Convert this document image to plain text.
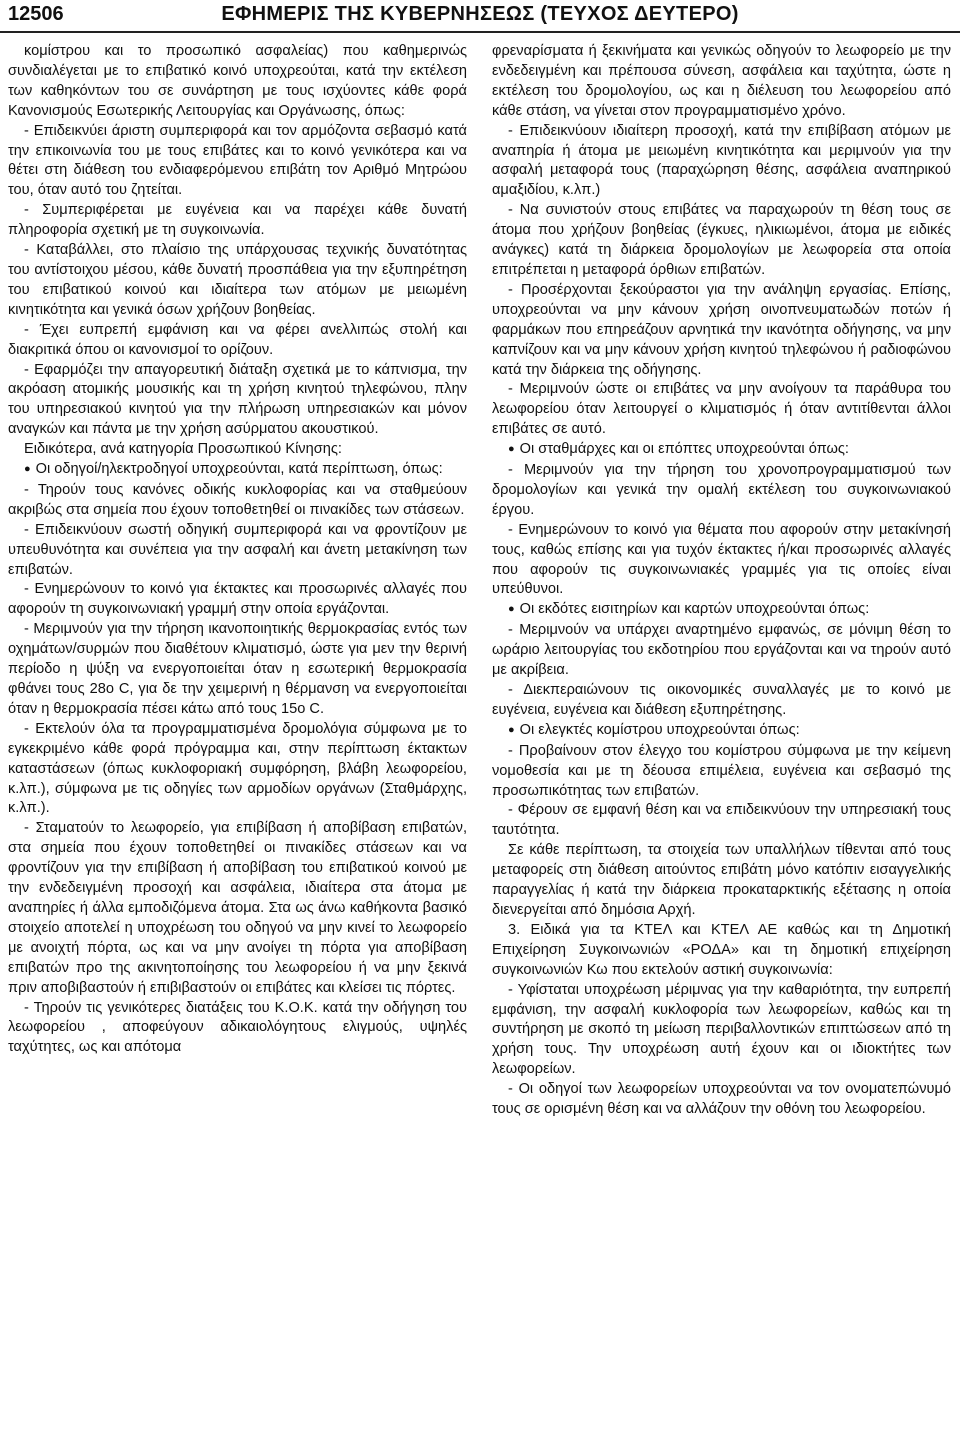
12506	ΕΦΗΜΕΡΙΣ ΤΗΣ ΚΥΒΕΡΝΗΣΕΩΣ (ΤΕΥΧΟΣ ΔΕΥΤΕΡΟ)

κομίστρου και το προσωπικό ασφαλείας) που καθημερινώς συνδιαλέγεται με το επιβατικό κοινό υποχρεούται, κατά την εκτέλεση των καθηκόντων του σε συνάρτηση με τους ισχύοντες κάθε φορά Κανονισμούς Εσωτερικής Λειτουργίας και Οργάνωσης, όπως:

- Επιδεικνύει άριστη συμπεριφορά και τον αρμόζοντα σεβασμό κατά την επικοινωνία του με τους επιβάτες και το κοινό γενικότερα και να θέτει στη διάθεση του ενδιαφερόμενου επιβάτη τον Αριθμό Μητρώου του, όταν αυτό του ζητείται.

- Συμπεριφέρεται με ευγένεια και να παρέχει κάθε δυνατή πληροφορία σχετική με τη συγκοινωνία.

- Καταβάλλει, στο πλαίσιο της υπάρχουσας τεχνικής δυνατότητας του αντίστοιχου μέσου, κάθε δυνατή προσπάθεια για την εξυπηρέτηση του επιβατικού κοινού και ιδιαίτερα των ατόμων με μειωμένη κινητικότητα και γενικά όσων χρήζουν βοηθείας.

- Έχει ευπρεπή εμφάνιση και να φέρει ανελλιπώς στολή και διακριτικά όπου οι κανονισμοί το ορίζουν.

- Εφαρμόζει την απαγορευτική διάταξη σχετικά με το κάπνισμα, την ακρόαση ατομικής μουσικής και τη χρήση κινητού τηλεφώνου, πλην του υπηρεσιακού κινητού για την πλήρωση υπηρεσιακών και μόνον αναγκών και πάντα με την χρήση ασύρματου ακουστικού.

Ειδικότερα, ανά κατηγορία Προσωπικού Κίνησης:

● Οι οδηγοί/ηλεκτροδηγοί υποχρεούνται, κατά περίπτωση, όπως:

- Τηρούν τους κανόνες οδικής κυκλοφορίας και να σταθμεύουν ακριβώς στα σημεία που έχουν τοποθετηθεί οι πινακίδες των στάσεων.

- Επιδεικνύουν σωστή οδηγική συμπεριφορά και να φροντίζουν με υπευθυνότητα και συνέπεια για την ασφαλή και άνετη μετακίνηση των επιβατών.

- Ενημερώνουν το κοινό για έκτακτες και προσωρινές αλλαγές που αφορούν τη συγκοινωνιακή γραμμή στην οποία εργάζονται.

- Μεριμνούν για την τήρηση ικανοποιητικής θερμοκρασίας εντός των οχημάτων/συρμών που διαθέτουν κλιματισμό, ώστε για μεν την θερινή περίοδο η ψύξη να ενεργοποιείται όταν η εσωτερική θερμοκρασία φθάνει τους 28ο C, για δε την χειμερινή η θέρμανση να ενεργοποιείται όταν η θερμοκρασία πέσει κάτω από τους 15ο C.

- Εκτελούν όλα τα προγραμματισμένα δρομολόγια σύμφωνα με το εγκεκριμένο κάθε φορά πρόγραμμα και, στην περίπτωση έκτακτων καταστάσεων (όπως κυκλοφοριακή συμφόρηση, βλάβη λεωφορείου, κ.λπ.), σύμφωνα με τις οδηγίες των αρμοδίων οργάνων (Σταθμάρχης, κ.λπ.).

- Σταματούν το λεωφορείο, για επιβίβαση ή αποβίβαση επιβατών, στα σημεία που έχουν τοποθετηθεί οι πινακίδες στάσεων και να φροντίζουν για την επιβίβαση ή αποβίβαση του επιβατικού κοινού με την ενδεδειγμένη προσοχή και ασφάλεια, ιδιαίτερα στα άτομα με αναπηρίες ή άλλα εμποδιζόμενα άτομα. Στα ως άνω καθήκοντα βασικό στοιχείο αποτελεί η υποχρέωση του οδηγού να μην κινεί το λεωφορείο με ανοιχτή πόρτα, ως και να μην ανοίγει τη πόρτα για αποβίβαση επιβατών προ της ακινητοποίησης του λεωφορείου ή να μην ξεκινά πριν αποβιβαστούν ή επιβιβαστούν οι επιβάτες και κλείσει τις πόρτες.

- Τηρούν τις γενικότερες διατάξεις του Κ.Ο.Κ. κατά την οδήγηση του λεωφορείου , αποφεύγουν αδικαιολόγητους ελιγμούς, υψηλές ταχύτητες, ως και απότομα

φρεναρίσματα ή ξεκινήματα και γενικώς οδηγούν το λεωφορείο με την ενδεδειγμένη και πρέπουσα σύνεση, ασφάλεια και ταχύτητα, ώστε η εκτέλεση του δρομολογίου, ως και η διέλευση του λεωφορείου από κάθε στάση, να γίνεται στον προγραμματισμένο χρόνο.

- Επιδεικνύουν ιδιαίτερη προσοχή, κατά την επιβίβαση ατόμων με αναπηρία ή άτομα με μειωμένη κινητικότητα και μεριμνούν για την ασφαλή μεταφορά τους (παραχώρηση θέσης, ασφάλεια αναπηρικού αμαξιδίου, κ.λπ.)

- Να συνιστούν στους επιβάτες να παραχωρούν τη θέση τους σε άτομα που χρήζουν βοηθείας (έγκυες, ηλικιωμένοι, άτομα με ειδικές ανάγκες) κατά τη διάρκεια δρομολογίων με λεωφορεία στα οποία επιτρέπεται η μεταφορά όρθιων επιβατών.

- Προσέρχονται ξεκούραστοι για την ανάληψη εργασίας. Επίσης, υποχρεούνται να μην κάνουν χρήση οινοπνευματωδών ποτών ή φαρμάκων που επηρεάζουν αρνητικά την ικανότητα οδήγησης, να μην καπνίζουν και να μην κάνουν χρήση κινητού τηλεφώνου ή ραδιοφώνου κατά την διάρκεια της οδήγησης.

- Μεριμνούν ώστε οι επιβάτες να μην ανοίγουν τα παράθυρα του λεωφορείου όταν λειτουργεί ο κλιματισμός ή όταν αντιτίθενται άλλοι επιβάτες σε αυτό.

● Οι σταθμάρχες και οι επόπτες υποχρεούνται όπως:

- Μεριμνούν για την τήρηση του χρονοπρογραμματισμού των δρομολογίων και γενικά την ομαλή εκτέλεση του συγκοινωνιακού έργου.

- Ενημερώνουν το κοινό για θέματα που αφορούν στην μετακίνησή τους, καθώς επίσης και για τυχόν έκτακτες ή/και προσωρινές αλλαγές που αφορούν τις συγκοινωνιακές γραμμές για τις οποίες είναι υπεύθυνοι.

● Οι εκδότες εισιτηρίων και καρτών υποχρεούνται όπως:

- Μεριμνούν να υπάρχει αναρτημένο εμφανώς, σε μόνιμη θέση το ωράριο λειτουργίας του εκδοτηρίου που εργάζονται και να τηρούν αυτό με ακρίβεια.

- Διεκπεραιώνουν τις οικονομικές συναλλαγές με το κοινό με ευγένεια, ευγένεια και διάθεση εξυπηρέτησης.

● Οι ελεγκτές κομίστρου υποχρεούνται όπως:

- Προβαίνουν στον έλεγχο του κομίστρου σύμφωνα με την κείμενη νομοθεσία και με τη δέουσα επιμέλεια, ευγένεια και σεβασμό της προσωπικότητας των επιβατών.

- Φέρουν σε εμφανή θέση και να επιδεικνύουν την υπηρεσιακή τους ταυτότητα.

Σε κάθε περίπτωση, τα στοιχεία των υπαλλήλων τίθενται από τους μεταφορείς στη διάθεση αιτούντος επιβάτη μόνο κατόπιν εισαγγελικής παραγγελίας ή κατά την διάρκεια προκαταρκτικής εξέτασης η οποία διενεργείται από δημόσια Αρχή.

3. Ειδικά για τα ΚΤΕΛ και ΚΤΕΛ ΑΕ καθώς και τη Δημοτική Επιχείρηση Συγκοινωνιών «ΡΟΔΑ» και τη δημοτική επιχείρηση συγκοινωνιών Κω που εκτελούν αστική συγκοινωνία:

- Υφίσταται υποχρέωση μέριμνας για την καθαριότητα, την ευπρεπή εμφάνιση, την ασφαλή κυκλοφορία των λεωφορείων, καθώς και τη συντήρηση με σκοπό τη μείωση περιβαλλοντικών επιπτώσεων από τη χρήση τους. Την υποχρέωση αυτή έχουν και οι ιδιοκτήτες των λεωφορείων.

- Οι οδηγοί των λεωφορείων υποχρεούνται να τον ονοματεπώνυμό τους σε ορισμένη θέση και να αλλάζουν την οθόνη του λεωφορείου.
